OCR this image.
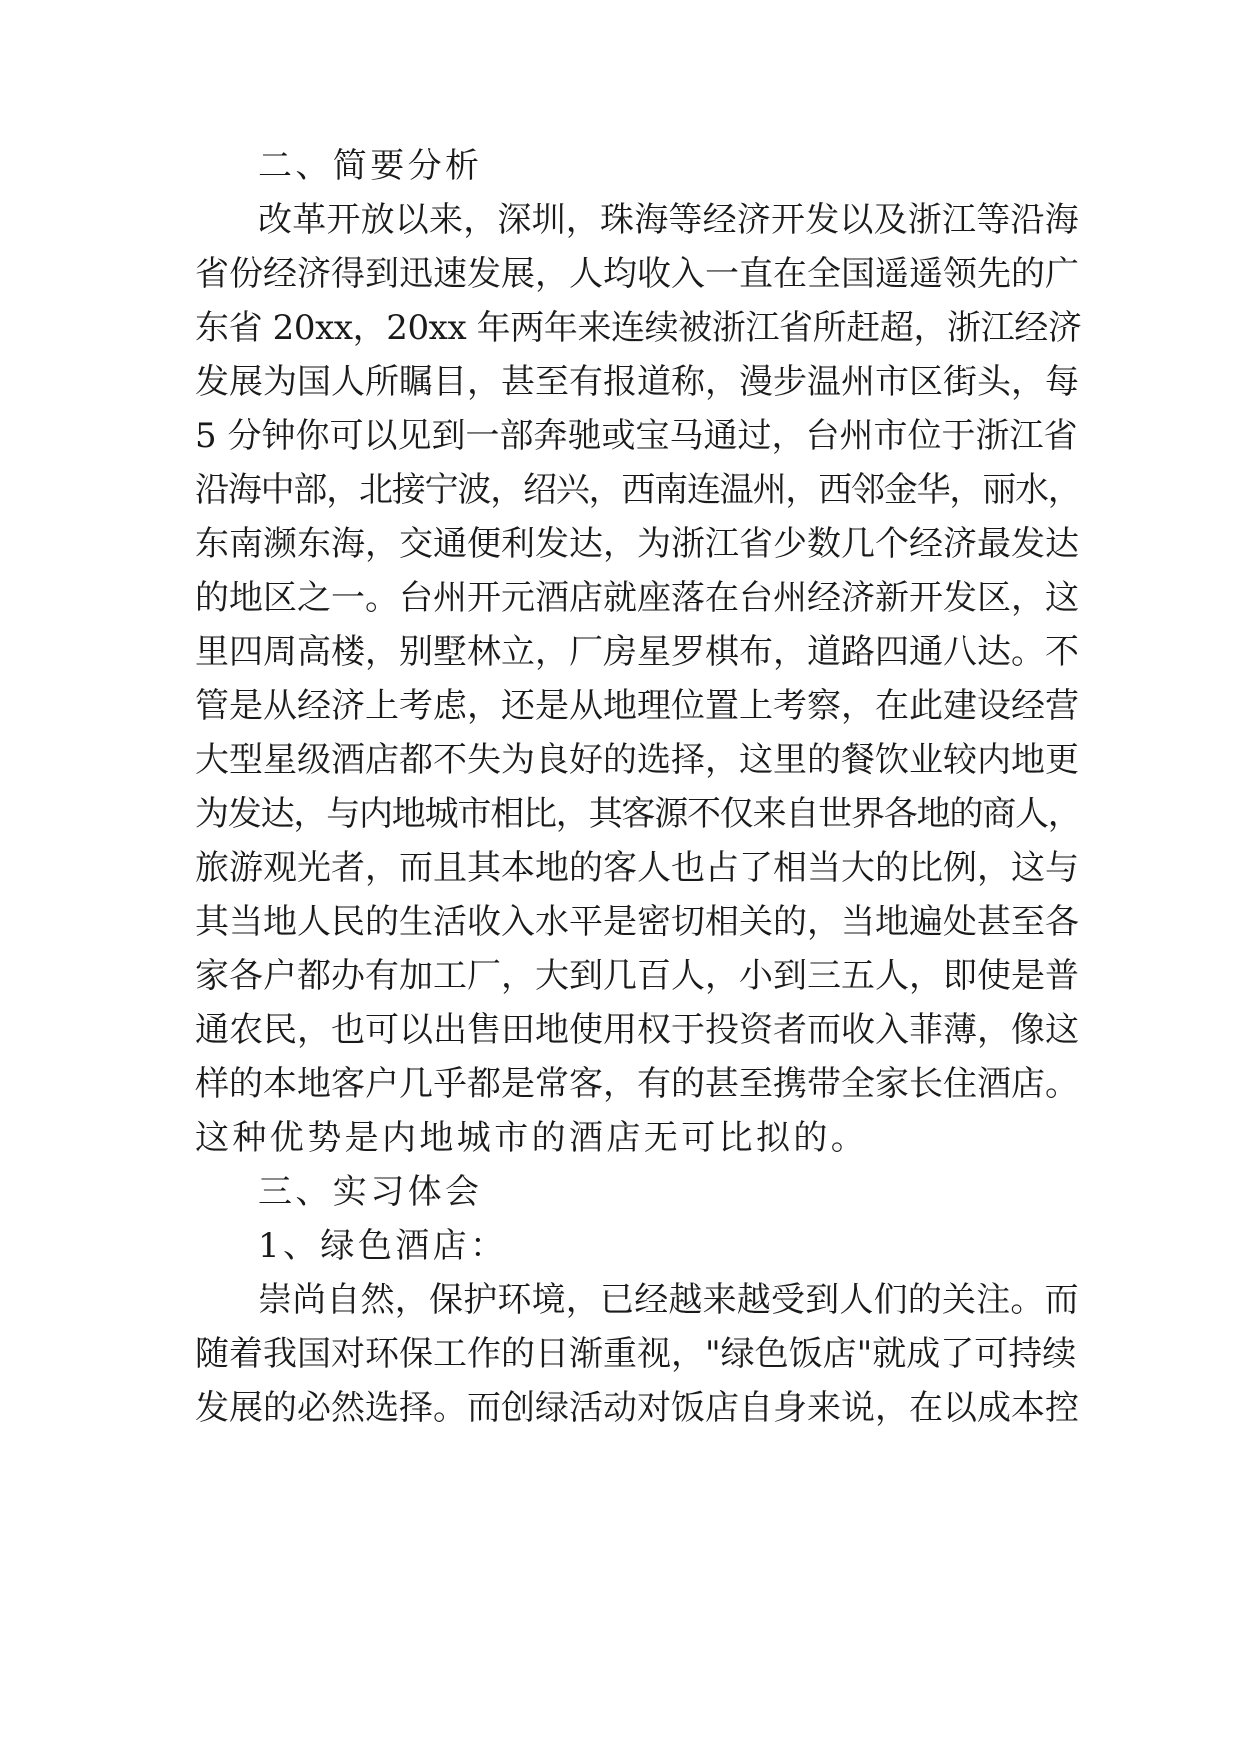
二、简要分析
改革开放以来，深圳，珠海等经济开发以及浙江等沿海
省份经济得到迅速发展，人均收入一直在全国遥遥领先的广
东省 20xx，20xx 年两年来连续被浙江省所赶超，浙江经济
发展为国人所瞩目，甚至有报道称，漫步温州市区街头，每
5 分钟你可以见到一部奔驰或宝马通过，台州市位于浙江省
沿海中部，北接宁波，绍兴，西南连温州，西邻金华，丽水，
东南濒东海，交通便利发达，为浙江省少数几个经济最发达
的地区之一。台州开元酒店就座落在台州经济新开发区，这
里四周高楼，别墅林立，厂房星罗棋布，道路四通八达。不
管是从经济上考虑，还是从地理位置上考察，在此建设经营
大型星级酒店都不失为良好的选择，这里的餐饮业较内地更
为发达，与内地城市相比，其客源不仅来自世界各地的商人，
旅游观光者，而且其本地的客人也占了相当大的比例，这与
其当地人民的生活收入水平是密切相关的，当地遍处甚至各
家各户都办有加工厂，大到几百人，小到三五人，即使是普
通农民，也可以出售田地使用权于投资者而收入菲薄，像这
样的本地客户几乎都是常客，有的甚至携带全家长住酒店。
这种优势是内地城市的酒店无可比拟的。
三、实习体会
1、绿色酒店：
崇尚自然，保护环境，已经越来越受到人们的关注。而
随着我国对环保工作的日渐重视，"绿色饭店"就成了可持续
发展的必然选择。而创绿活动对饭店自身来说，在以成本控
